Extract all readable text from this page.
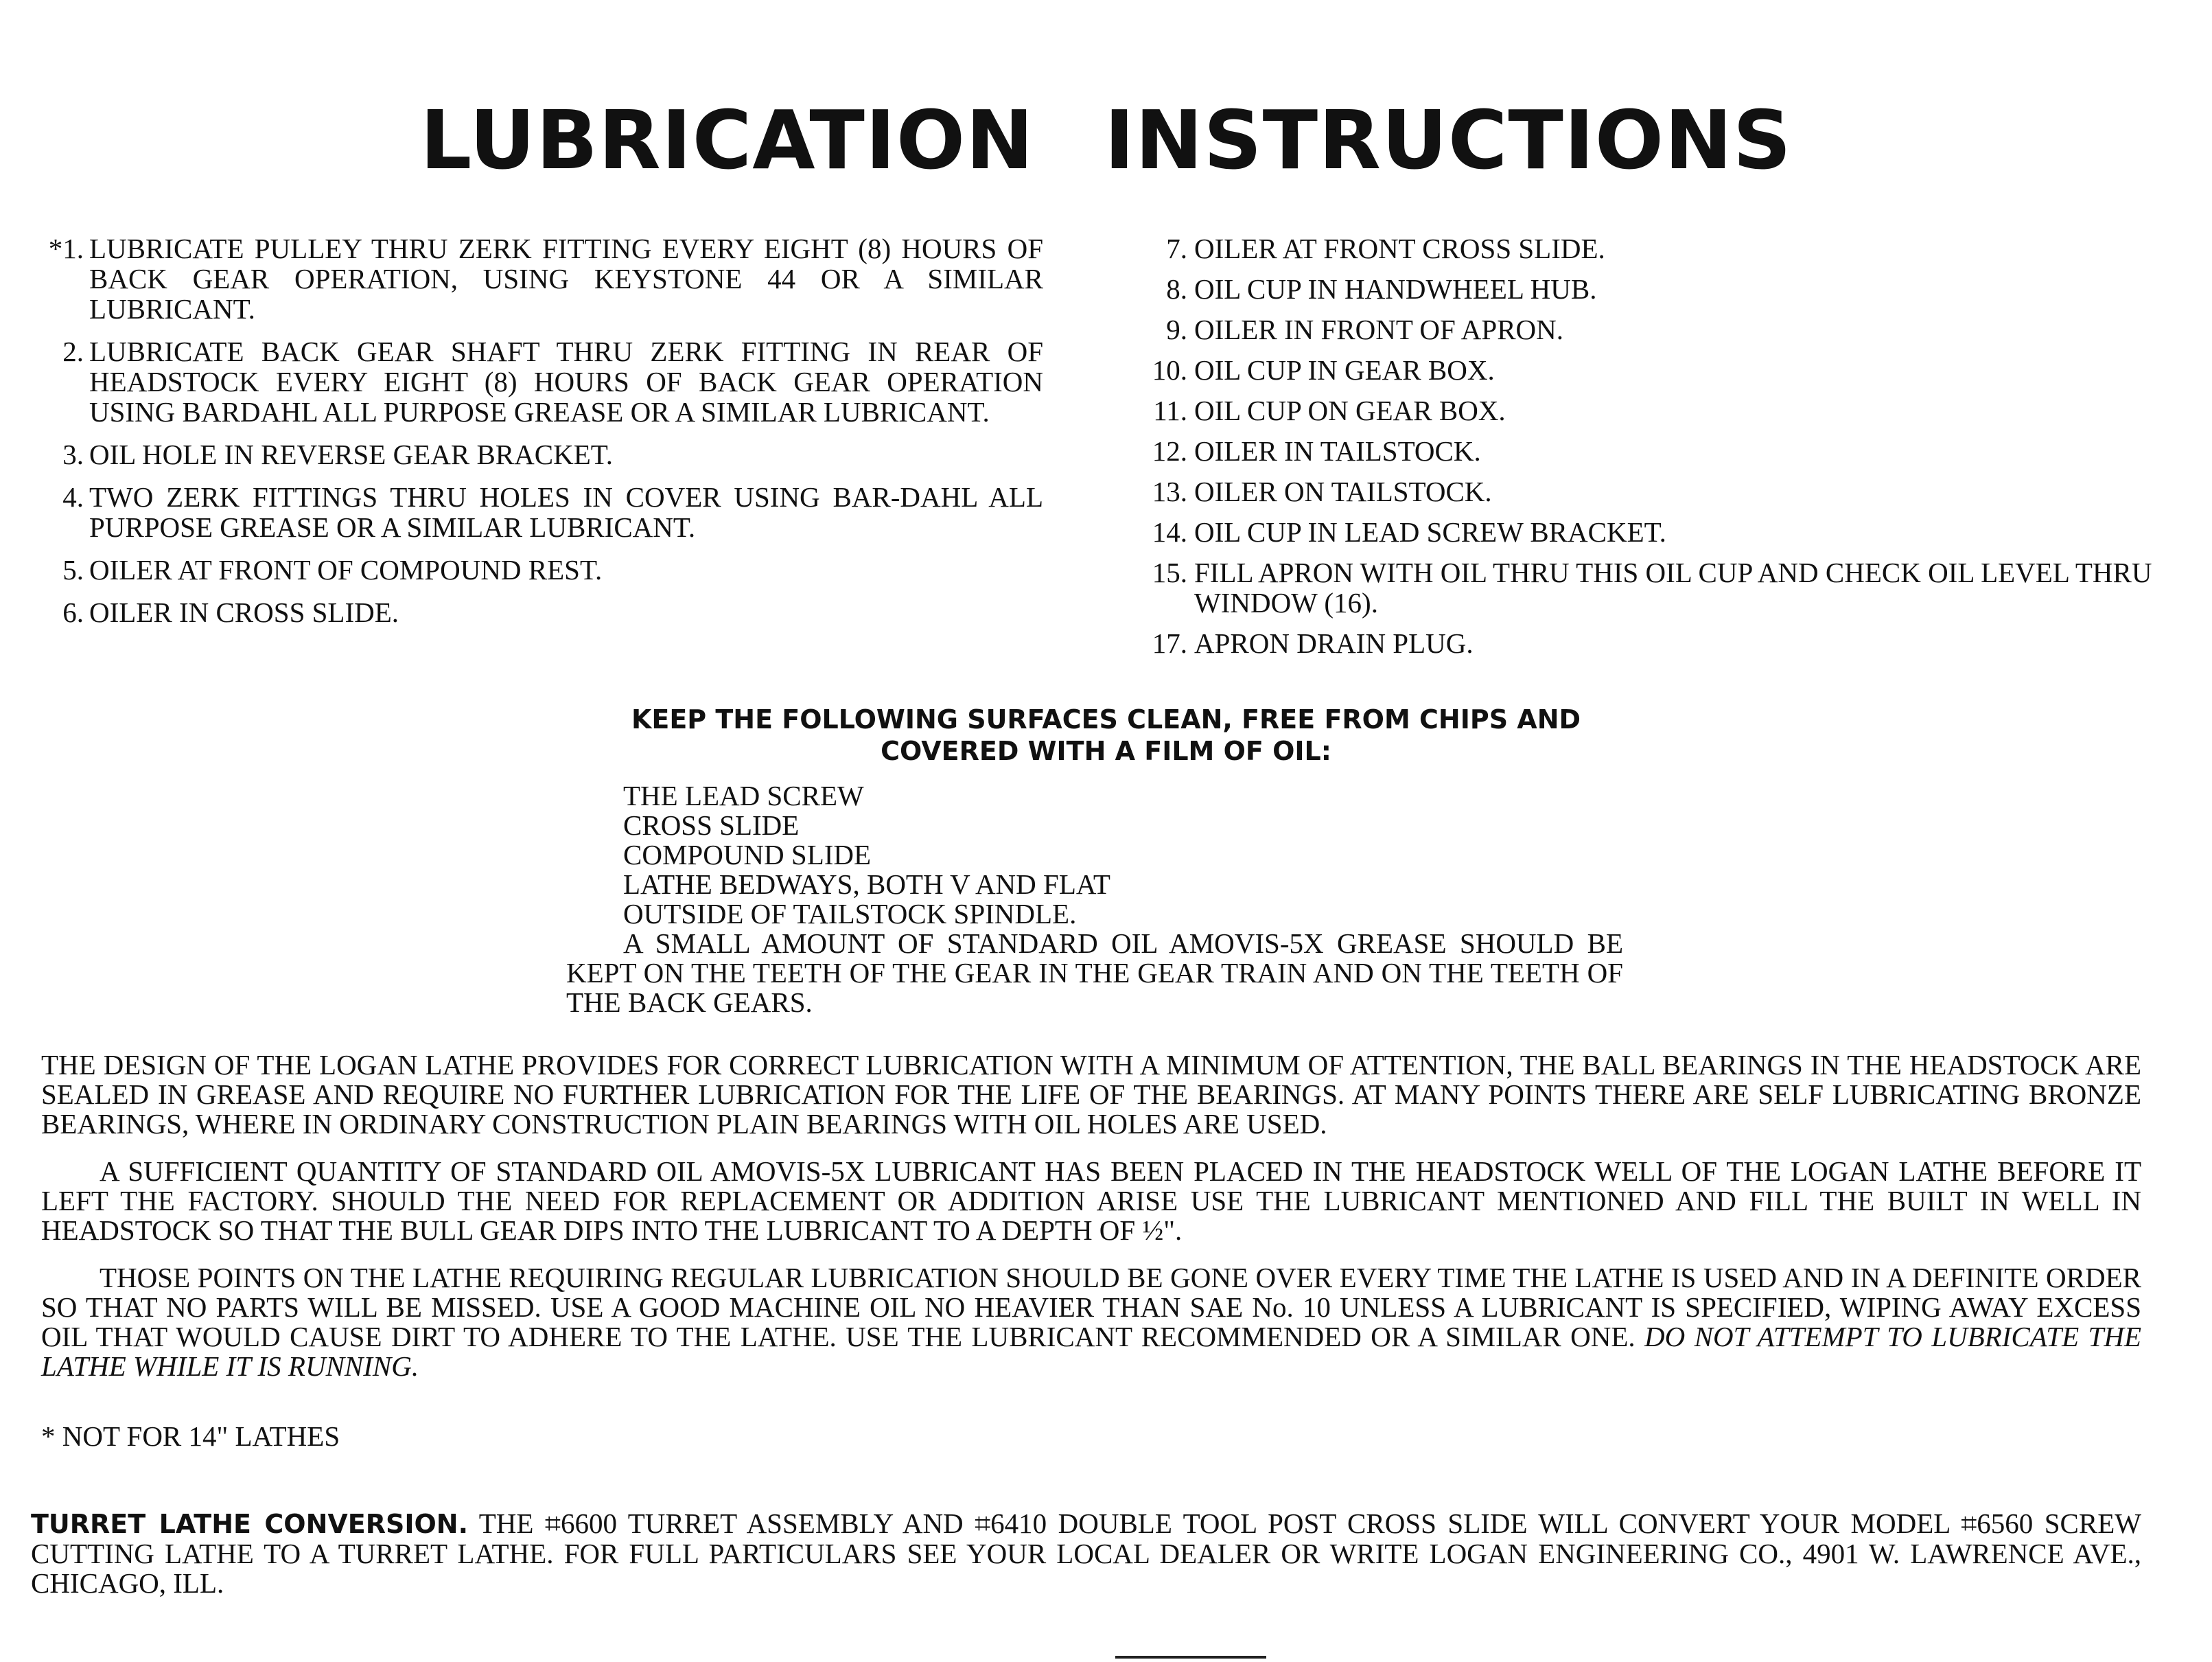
LUBRICATION INSTRUCTIONS
*1. LUBRICATE PULLEY THRU ZERK FITTING EVERY EIGHT (8) HOURS OF BACK GEAR OPERATION, USING KEYSTONE 44 OR A SIMILAR LUBRICANT.
2. LUBRICATE BACK GEAR SHAFT THRU ZERK FITTING IN REAR OF HEADSTOCK EVERY EIGHT (8) HOURS OF BACK GEAR OPERATION USING BARDAHL ALL PURPOSE GREASE OR A SIMILAR LUBRICANT.
3. OIL HOLE IN REVERSE GEAR BRACKET.
4. TWO ZERK FITTINGS THRU HOLES IN COVER USING BAR-DAHL ALL PURPOSE GREASE OR A SIMILAR LUBRICANT.
5. OILER AT FRONT OF COMPOUND REST.
6. OILER IN CROSS SLIDE.
7. OILER AT FRONT CROSS SLIDE.
8. OIL CUP IN HANDWHEEL HUB.
9. OILER IN FRONT OF APRON.
10. OIL CUP IN GEAR BOX.
11. OIL CUP ON GEAR BOX.
12. OILER IN TAILSTOCK.
13. OILER ON TAILSTOCK.
14. OIL CUP IN LEAD SCREW BRACKET.
15. FILL APRON WITH OIL THRU THIS OIL CUP AND CHECK OIL LEVEL THRU WINDOW (16).
17. APRON DRAIN PLUG.
KEEP THE FOLLOWING SURFACES CLEAN, FREE FROM CHIPS AND
COVERED WITH A FILM OF OIL:
THE LEAD SCREW
CROSS SLIDE
COMPOUND SLIDE
LATHE BEDWAYS, BOTH V AND FLAT
OUTSIDE OF TAILSTOCK SPINDLE.

A SMALL AMOUNT OF STANDARD OIL AMOVIS-5X GREASE SHOULD BE KEPT ON THE TEETH OF THE GEAR IN THE GEAR TRAIN AND ON THE TEETH OF THE BACK GEARS.

THE DESIGN OF THE LOGAN LATHE PROVIDES FOR CORRECT LUBRICATION WITH A MINIMUM OF ATTENTION, THE BALL BEARINGS IN THE HEADSTOCK ARE SEALED IN GREASE AND REQUIRE NO FURTHER LUBRICATION FOR THE LIFE OF THE BEARINGS. AT MANY POINTS THERE ARE SELF LUBRICATING BRONZE BEARINGS, WHERE IN ORDINARY CONSTRUCTION PLAIN BEARINGS WITH OIL HOLES ARE USED.

A SUFFICIENT QUANTITY OF STANDARD OIL AMOVIS-5X LUBRICANT HAS BEEN PLACED IN THE HEADSTOCK WELL OF THE LOGAN LATHE BEFORE IT LEFT THE FACTORY. SHOULD THE NEED FOR REPLACEMENT OR ADDITION ARISE USE THE LUBRICANT MENTIONED AND FILL THE BUILT IN WELL IN HEADSTOCK SO THAT THE BULL GEAR DIPS INTO THE LUBRICANT TO A DEPTH OF ½".

THOSE POINTS ON THE LATHE REQUIRING REGULAR LUBRICATION SHOULD BE GONE OVER EVERY TIME THE LATHE IS USED AND IN A DEFINITE ORDER SO THAT NO PARTS WILL BE MISSED. USE A GOOD MACHINE OIL NO HEAVIER THAN SAE No. 10 UNLESS A LUBRICANT IS SPECIFIED, WIPING AWAY EXCESS OIL THAT WOULD CAUSE DIRT TO ADHERE TO THE LATHE. USE THE LUBRICANT RECOMMENDED OR A SIMILAR ONE. DO NOT ATTEMPT TO LUBRICATE THE LATHE WHILE IT IS RUNNING.

* NOT FOR 14" LATHES

TURRET LATHE CONVERSION. THE ⌗6600 TURRET ASSEMBLY AND ⌗6410 DOUBLE TOOL POST CROSS SLIDE WILL CONVERT YOUR MODEL ⌗6560 SCREW CUTTING LATHE TO A TURRET LATHE. FOR FULL PARTICULARS SEE YOUR LOCAL DEALER OR WRITE LOGAN ENGINEERING CO., 4901 W. LAWRENCE AVE., CHICAGO, ILL.
